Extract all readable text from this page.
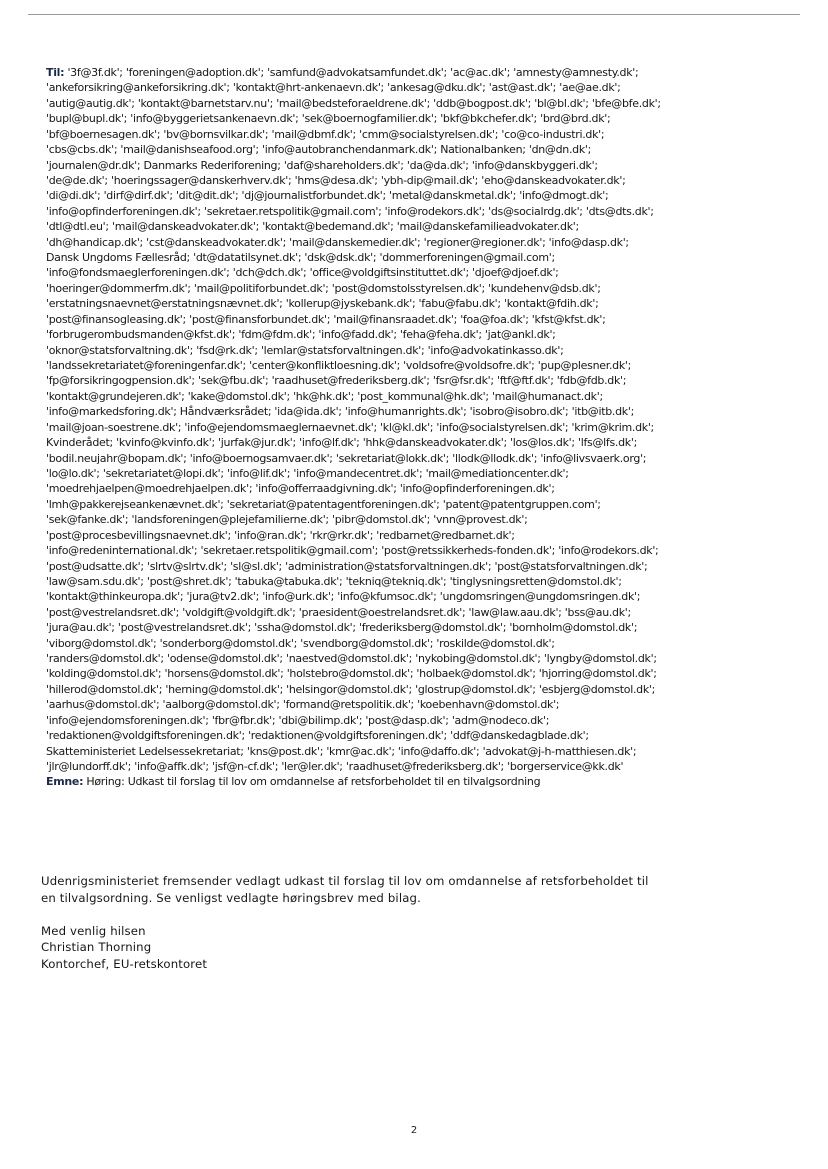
Til: '3f@3f.dk'; 'foreningen@adoption.dk'; 'samfund@advokatsamfundet.dk'; 'ac@ac.dk'; 'amnesty@amnesty.dk';
'ankeforsikring@ankeforsikring.dk'; 'kontakt@hrt-ankenaevn.dk'; 'ankesag@dku.dk'; 'ast@ast.dk'; 'ae@ae.dk';
'autig@autig.dk'; 'kontakt@barnetstarv.nu'; 'mail@bedsteforaeldrene.dk'; 'ddb@bogpost.dk'; 'bl@bl.dk'; 'bfe@bfe.dk';
'bupl@bupl.dk'; 'info@byggerietsankenaevn.dk'; 'sek@boernogfamilier.dk'; 'bkf@bkchefer.dk'; 'brd@brd.dk';
'bf@boernesagen.dk'; 'bv@bornsvilkar.dk'; 'mail@dbmf.dk'; 'cmm@socialstyrelsen.dk'; 'co@co-industri.dk';
'cbs@cbs.dk'; 'mail@danishseafood.org'; 'info@autobranchendanmark.dk'; Nationalbanken; 'dn@dn.dk';
'journalen@dr.dk'; Danmarks Rederiforening; 'daf@shareholders.dk'; 'da@da.dk'; 'info@danskbyggeri.dk';
'de@de.dk'; 'hoeringssager@danskerhverv.dk'; 'hms@desa.dk'; 'ybh-dip@mail.dk'; 'eho@danskeadvokater.dk';
'di@di.dk'; 'dirf@dirf.dk'; 'dit@dit.dk'; 'dj@journalistforbundet.dk'; 'metal@danskmetal.dk'; 'info@dmogt.dk';
'info@opfinderforeningen.dk'; 'sekretaer.retspolitik@gmail.com'; 'info@rodekors.dk'; 'ds@socialrdg.dk'; 'dts@dts.dk';
'dtl@dtl.eu'; 'mail@danskeadvokater.dk'; 'kontakt@bedemand.dk'; 'mail@danskefamilieadvokater.dk';
'dh@handicap.dk'; 'cst@danskeadvokater.dk'; 'mail@danskemedier.dk'; 'regioner@regioner.dk'; 'info@dasp.dk';
Dansk Ungdoms Fællesråd; 'dt@datatilsynet.dk'; 'dsk@dsk.dk'; 'dommerforeningen@gmail.com';
'info@fondsmaeglerforeningen.dk'; 'dch@dch.dk'; 'office@voldgiftsinstituttet.dk'; 'djoef@djoef.dk';
'hoeringer@dommerfm.dk'; 'mail@politiforbundet.dk'; 'post@domstolsstyrelsen.dk'; 'kundehenv@dsb.dk';
'erstatningsnaevnet@erstatningsnævnet.dk'; 'kollerup@jyskebank.dk'; 'fabu@fabu.dk'; 'kontakt@fdih.dk';
'post@finansogleasing.dk'; 'post@finansforbundet.dk'; 'mail@finansraadet.dk'; 'foa@foa.dk'; 'kfst@kfst.dk';
'forbrugerombudsmanden@kfst.dk'; 'fdm@fdm.dk'; 'info@fadd.dk'; 'feha@feha.dk'; 'jat@ankl.dk';
'oknor@statsforvaltning.dk'; 'fsd@rk.dk'; 'lemlar@statsforvaltningen.dk'; 'info@advokatinkasso.dk';
'landssekretariatet@foreningenfar.dk'; 'center@konfliktloesning.dk'; 'voldsofre@voldsofre.dk'; 'pup@plesner.dk';
'fp@forsikringogpension.dk'; 'sek@fbu.dk'; 'raadhuset@frederiksberg.dk'; 'fsr@fsr.dk'; 'ftf@ftf.dk'; 'fdb@fdb.dk';
'kontakt@grundejeren.dk'; 'kake@domstol.dk'; 'hk@hk.dk'; 'post_kommunal@hk.dk'; 'mail@humanact.dk';
'info@markedsforing.dk'; Håndværksrådet; 'ida@ida.dk'; 'info@humanrights.dk'; 'isobro@isobro.dk'; 'itb@itb.dk';
'mail@joan-soestrene.dk'; 'info@ejendomsmaeglernaevnet.dk'; 'kl@kl.dk'; 'info@socialstyrelsen.dk'; 'krim@krim.dk';
Kvinderådet; 'kvinfo@kvinfo.dk'; 'jurfak@jur.dk'; 'info@lf.dk'; 'hhk@danskeadvokater.dk'; 'los@los.dk'; 'lfs@lfs.dk';
'bodil.neujahr@bopam.dk'; 'info@boernogsamvaer.dk'; 'sekretariat@lokk.dk'; 'llodk@llodk.dk'; 'info@livsvaerk.org';
'lo@lo.dk'; 'sekretariatet@lopi.dk'; 'info@lif.dk'; 'info@mandecentret.dk'; 'mail@mediationcenter.dk';
'moedrehjaelpen@moedrehjaelpen.dk'; 'info@offerraadgivning.dk'; 'info@opfinderforeningen.dk';
'lmh@pakkerejseankenævnet.dk'; 'sekretariat@patentagentforeningen.dk'; 'patent@patentgruppen.com';
'sek@fanke.dk'; 'landsforeningen@plejefamilierne.dk'; 'pibr@domstol.dk'; 'vnn@provest.dk';
'post@procesbevillingsnaevnet.dk'; 'info@ran.dk'; 'rkr@rkr.dk'; 'redbarnet@redbarnet.dk';
'info@redeninternational.dk'; 'sekretaer.retspolitik@gmail.com'; 'post@retssikkerheds-fonden.dk'; 'info@rodekors.dk';
'post@udsatte.dk'; 'slrtv@slrtv.dk'; 'sl@sl.dk'; 'administration@statsforvaltningen.dk'; 'post@statsforvaltningen.dk';
'law@sam.sdu.dk'; 'post@shret.dk'; 'tabuka@tabuka.dk'; 'tekniq@tekniq.dk'; 'tinglysningsretten@domstol.dk';
'kontakt@thinkeuropa.dk'; 'jura@tv2.dk'; 'info@urk.dk'; 'info@kfumsoc.dk'; 'ungdomsringen@ungdomsringen.dk';
'post@vestrelandsret.dk'; 'voldgift@voldgift.dk'; 'praesident@oestrelandsret.dk'; 'law@law.aau.dk'; 'bss@au.dk';
'jura@au.dk'; 'post@vestrelandsret.dk'; 'ssha@domstol.dk'; 'frederiksberg@domstol.dk'; 'bornholm@domstol.dk';
'viborg@domstol.dk'; 'sonderborg@domstol.dk'; 'svendborg@domstol.dk'; 'roskilde@domstol.dk';
'randers@domstol.dk'; 'odense@domstol.dk'; 'naestved@domstol.dk'; 'nykobing@domstol.dk'; 'lyngby@domstol.dk';
'kolding@domstol.dk'; 'horsens@domstol.dk'; 'holstebro@domstol.dk'; 'holbaek@domstol.dk'; 'hjorring@domstol.dk';
'hillerod@domstol.dk'; 'herning@domstol.dk'; 'helsingor@domstol.dk'; 'glostrup@domstol.dk'; 'esbjerg@domstol.dk';
'aarhus@domstol.dk'; 'aalborg@domstol.dk'; 'formand@retspolitik.dk'; 'koebenhavn@domstol.dk';
'info@ejendomsforeningen.dk'; 'fbr@fbr.dk'; 'dbi@bilimp.dk'; 'post@dasp.dk'; 'adm@nodeco.dk';
'redaktionen@voldgiftsforeningen.dk'; 'redaktionen@voldgiftsforeningen.dk'; 'ddf@danskedagblade.dk';
Skatteministeriet Ledelsessekretariat; 'kns@post.dk'; 'kmr@ac.dk'; 'info@daffo.dk'; 'advokat@j-h-matthiesen.dk';
'jlr@lundorff.dk'; 'info@affk.dk'; 'jsf@n-cf.dk'; 'ler@ler.dk'; 'raadhuset@frederiksberg.dk'; 'borgerservice@kk.dk'
Emne: Høring: Udkast til forslag til lov om omdannelse af retsforbeholdet til en tilvalgsordning
Udenrigsministeriet fremsender vedlagt udkast til forslag til lov om omdannelse af retsforbeholdet til
en tilvalgsordning. Se venligst vedlagte høringsbrev med bilag.
Med venlig hilsen
Christian Thorning
Kontorchef, EU-retskontoret
2
